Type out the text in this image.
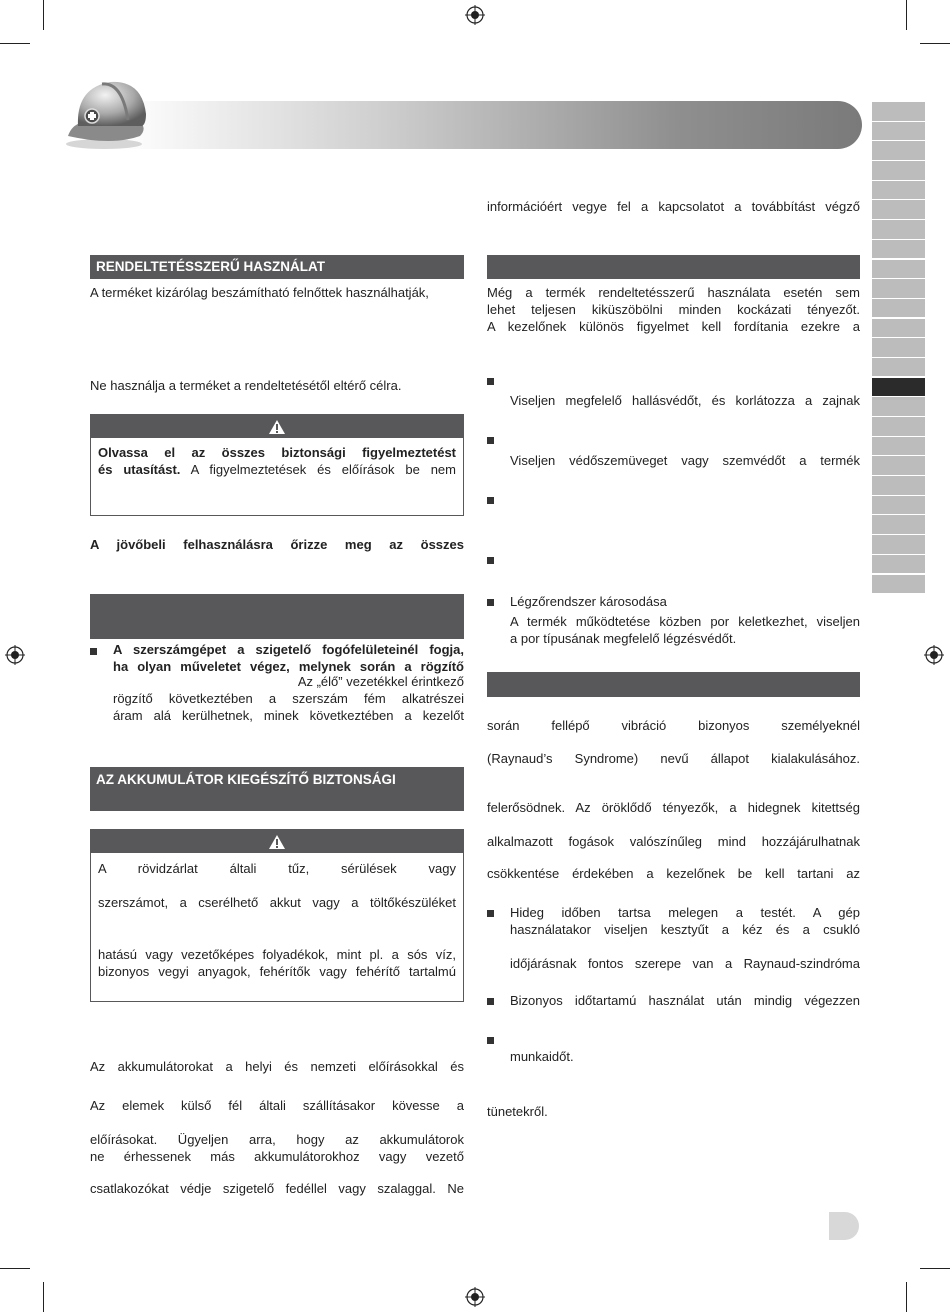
RENDELTETÉSSZERŰ HASZNÁLAT
A terméket kizárólag beszámítható felnőttek használhatják,
Ne használja a terméket a rendeltetésétől eltérő célra.
Olvassa el az összes biztonsági figyelmeztetést
és utasítást. A figyelmeztetések és előírások be nem
A jövőbeli felhasználásra őrizze meg az összes
A szerszámgépet a szigetelő fogófelületeinél fogja,
ha olyan műveletet végez, melynek során a rögzítő
Az „élő” vezetékkel érintkező
rögzítő következtében a szerszám fém alkatrészei
áram alá kerülhetnek, minek következtében a kezelőt
AZ AKKUMULÁTOR KIEGÉSZÍTŐ BIZTONSÁGI
A rövidzárlat általi tűz, sérülések vagy
szerszámot, a cserélhető akkut vagy a töltőkészüléket
hatású vagy vezetőképes folyadékok, mint pl. a sós víz,
bizonyos vegyi anyagok, fehérítők vagy fehérítő tartalmú
Az akkumulátorokat a helyi és nemzeti előírásokkal és
Az elemek külső fél általi szállításakor kövesse a
előírásokat. Ügyeljen arra, hogy az akkumulátorok
ne érhessenek más akkumulátorokhoz vagy vezető
csatlakozókat védje szigetelő fedéllel vagy szalaggal. Ne
információért vegye fel a kapcsolatot a továbbítást végző
Még a termék rendeltetésszerű használata esetén sem
lehet teljesen kiküszöbölni minden kockázati tényezőt.
A kezelőnek különös figyelmet kell fordítania ezekre a
Viseljen megfelelő hallásvédőt, és korlátozza a zajnak
Viseljen védőszemüveget vagy szemvédőt a termék
Légzőrendszer károsodása
A termék működtetése közben por keletkezhet, viseljen
a por típusának megfelelő légzésvédőt.
során fellépő vibráció bizonyos személyeknél
(Raynaud’s Syndrome) nevű állapot kialakulásához.
felerősödnek. Az öröklődő tényezők, a hidegnek kitettség
alkalmazott fogások valószínűleg mind hozzájárulhatnak
csökkentése érdekében a kezelőnek be kell tartani az
Hideg időben tartsa melegen a testét. A gép
használatakor viseljen kesztyűt a kéz és a csukló
időjárásnak fontos szerepe van a Raynaud-szindróma
Bizonyos időtartamú használat után mindig végezzen
munkaidőt.
tünetekről.
